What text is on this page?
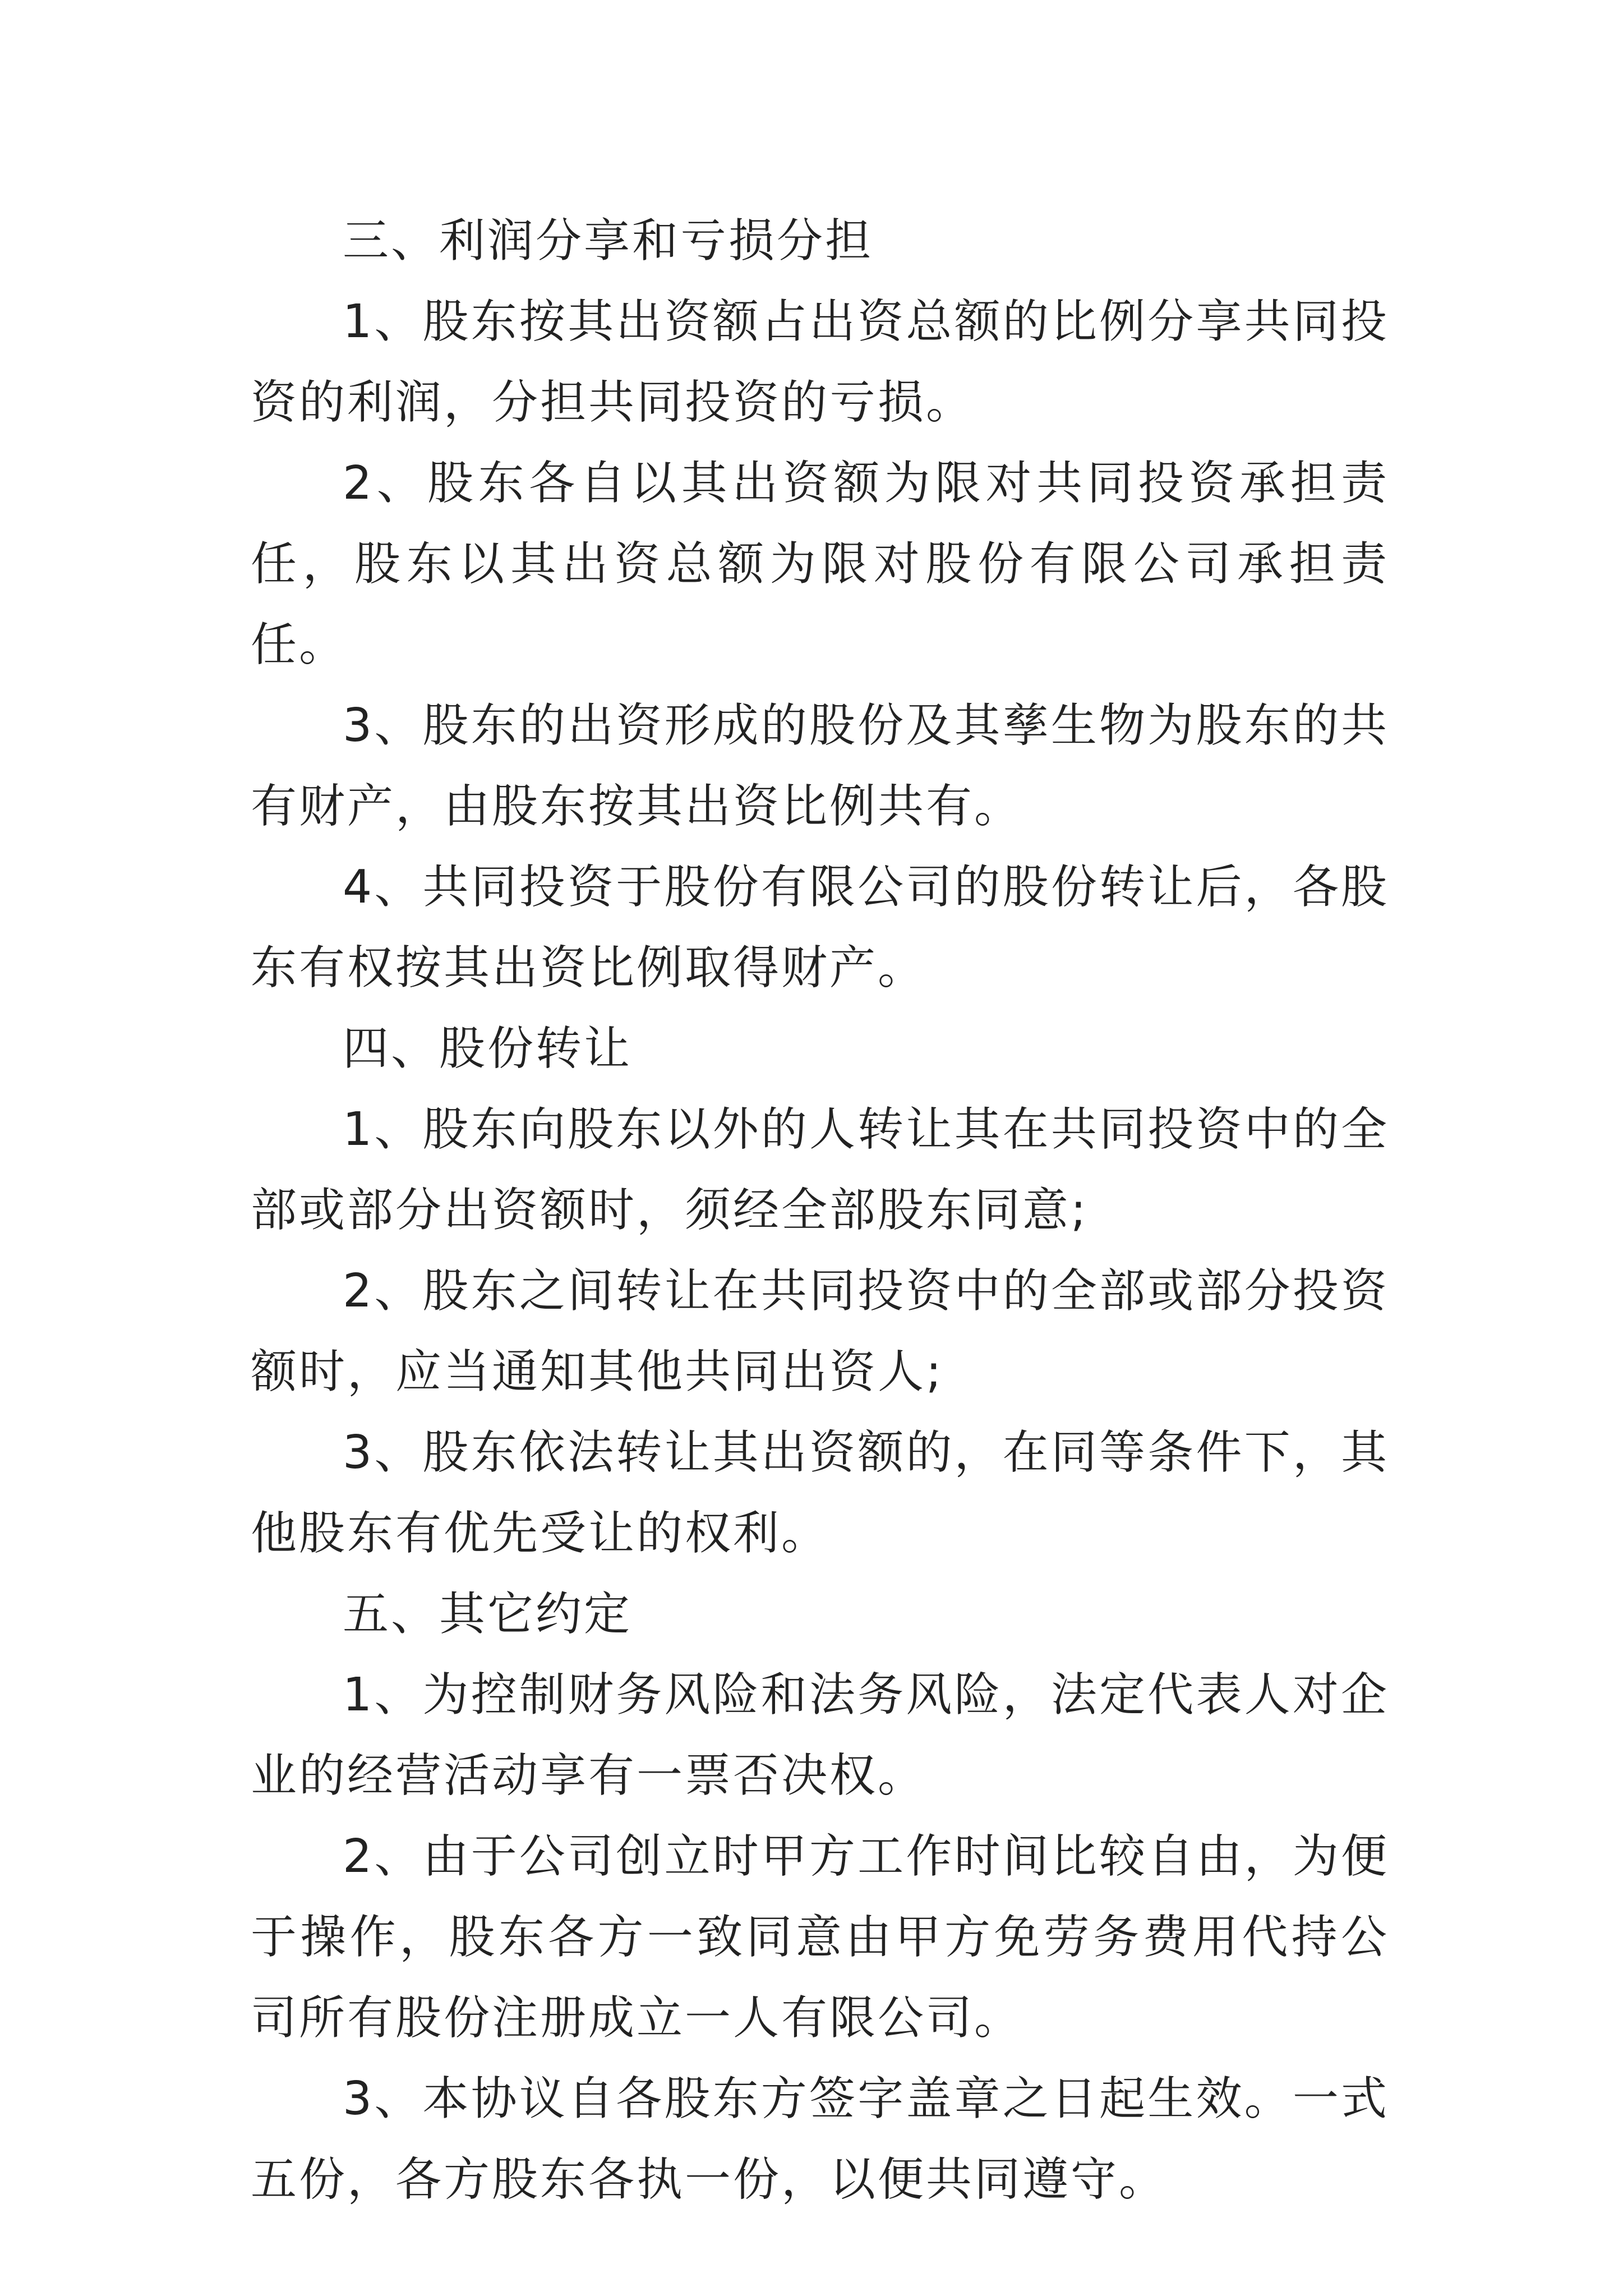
三、利润分享和亏损分担

1、股东按其出资额占出资总额的比例分享共同投资的利润，分担共同投资的亏损。

2、股东各自以其出资额为限对共同投资承担责任，股东以其出资总额为限对股份有限公司承担责任。

3、股东的出资形成的股份及其孳生物为股东的共有财产，由股东按其出资比例共有。

4、共同投资于股份有限公司的股份转让后，各股东有权按其出资比例取得财产。

四、股份转让

1、股东向股东以外的人转让其在共同投资中的全部或部分出资额时，须经全部股东同意;

2、股东之间转让在共同投资中的全部或部分投资额时，应当通知其他共同出资人;

3、股东依法转让其出资额的，在同等条件下，其他股东有优先受让的权利。

五、其它约定

1、为控制财务风险和法务风险，法定代表人对企业的经营活动享有一票否决权。

2、由于公司创立时甲方工作时间比较自由，为便于操作，股东各方一致同意由甲方免劳务费用代持公司所有股份注册成立一人有限公司。

3、本协议自各股东方签字盖章之日起生效。一式五份，各方股东各执一份，以便共同遵守。
